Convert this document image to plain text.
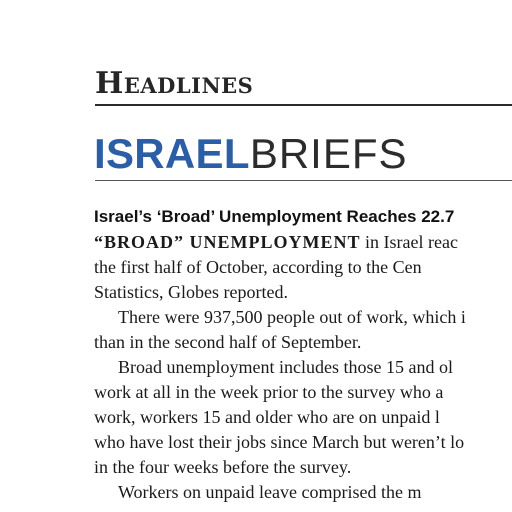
Headlines
ISRAELBRIEFS
Israel’s ‘Broad’ Unemployment Reaches 22.7
“BROAD” UNEMPLOYMENT in Israel reac
the first half of October, according to the Cen
Statistics, Globes reported.
There were 937,500 people out of work, which i
than in the second half of September.
Broad unemployment includes those 15 and ol
work at all in the week prior to the survey who a
work, workers 15 and older who are on unpaid l
who have lost their jobs since March but weren’t lo
in the four weeks before the survey.
Workers on unpaid leave comprised the m
